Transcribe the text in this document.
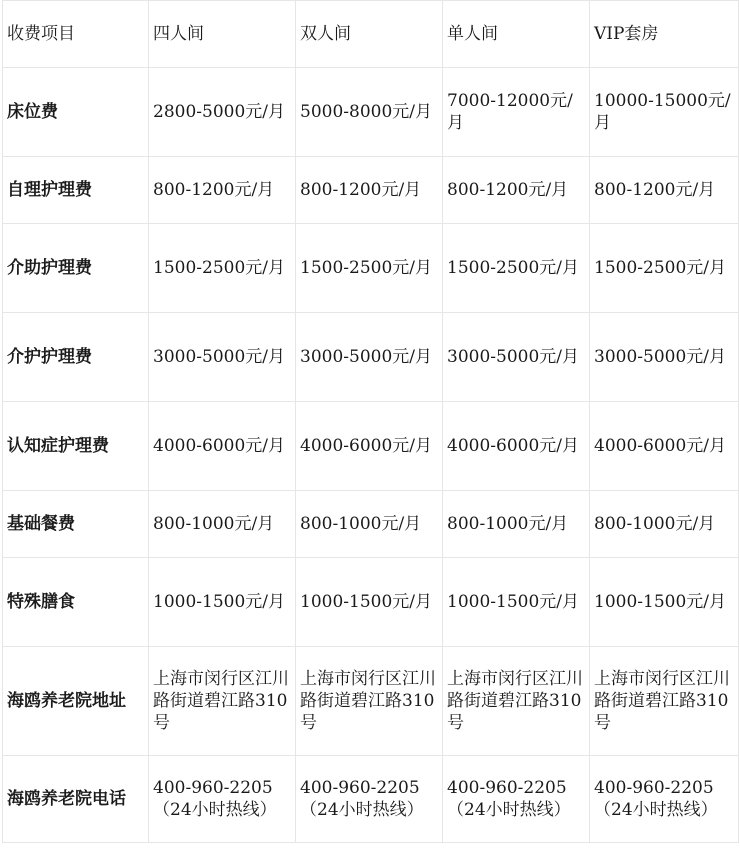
收费项目	四人间	双人间	单人间	VIP套房
床位费	2800-5000元/月	5000-8000元/月	7000-12000元/月	10000-15000元/月
自理护理费	800-1200元/月	800-1200元/月	800-1200元/月	800-1200元/月
介助护理费	1500-2500元/月	1500-2500元/月	1500-2500元/月	1500-2500元/月
介护护理费	3000-5000元/月	3000-5000元/月	3000-5000元/月	3000-5000元/月
认知症护理费	4000-6000元/月	4000-6000元/月	4000-6000元/月	4000-6000元/月
基础餐费	800-1000元/月	800-1000元/月	800-1000元/月	800-1000元/月
特殊膳食	1000-1500元/月	1000-1500元/月	1000-1500元/月	1000-1500元/月
海鸥养老院地址	上海市闵行区江川路街道碧江路310号	上海市闵行区江川路街道碧江路310号	上海市闵行区江川路街道碧江路310号	上海市闵行区江川路街道碧江路310号
海鸥养老院电话	400-960-2205（24小时热线）	400-960-2205（24小时热线）	400-960-2205（24小时热线）	400-960-2205（24小时热线）
